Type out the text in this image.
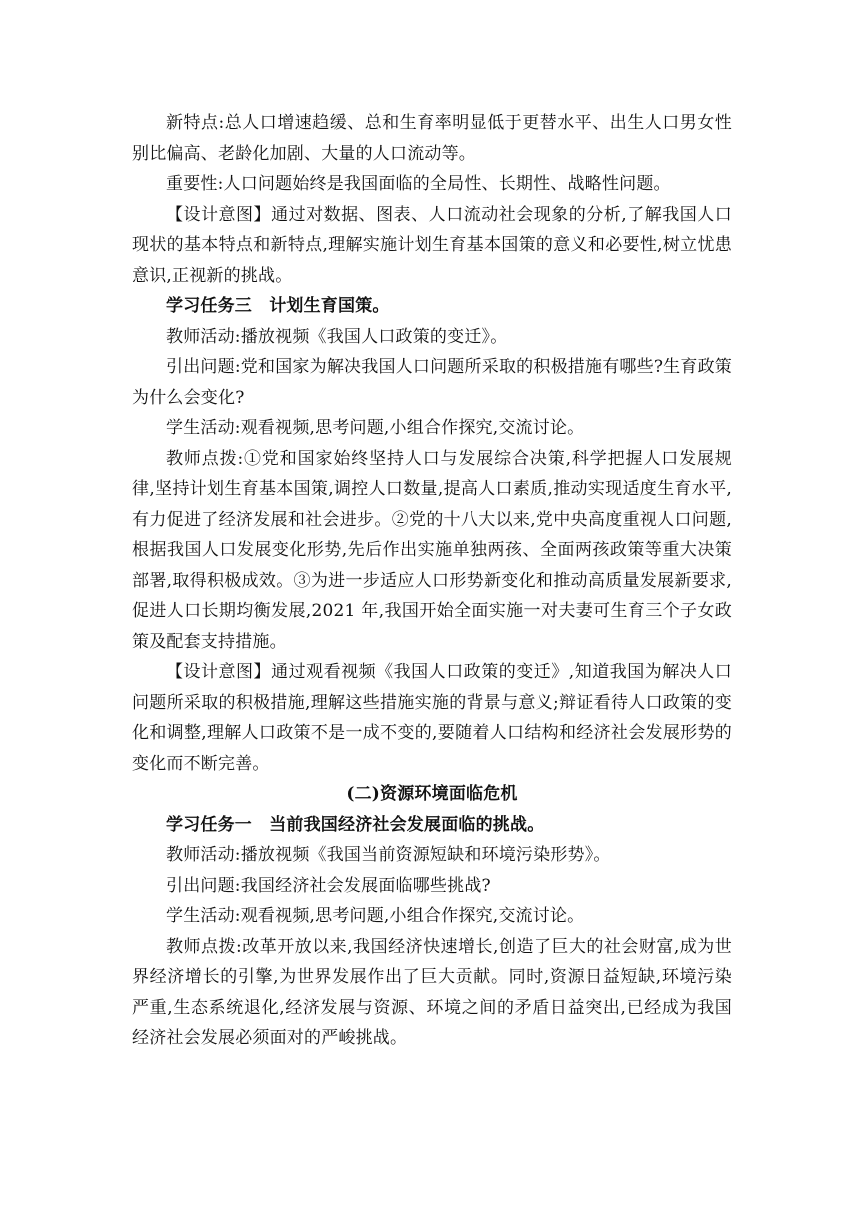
新特点:总人口增速趋缓、总和生育率明显低于更替水平、出生人口男女性别比偏高、老龄化加剧、大量的人口流动等。

重要性:人口问题始终是我国面临的全局性、长期性、战略性问题。

【设计意图】通过对数据、图表、人口流动社会现象的分析,了解我国人口现状的基本特点和新特点,理解实施计划生育基本国策的意义和必要性,树立忧患意识,正视新的挑战。

学习任务三　计划生育国策。

教师活动:播放视频《我国人口政策的变迁》。

引出问题:党和国家为解决我国人口问题所采取的积极措施有哪些?生育政策为什么会变化?

学生活动:观看视频,思考问题,小组合作探究,交流讨论。

教师点拨:①党和国家始终坚持人口与发展综合决策,科学把握人口发展规律,坚持计划生育基本国策,调控人口数量,提高人口素质,推动实现适度生育水平,有力促进了经济发展和社会进步。②党的十八大以来,党中央高度重视人口问题,根据我国人口发展变化形势,先后作出实施单独两孩、全面两孩政策等重大决策部署,取得积极成效。③为进一步适应人口形势新变化和推动高质量发展新要求,促进人口长期均衡发展,2021 年,我国开始全面实施一对夫妻可生育三个子女政策及配套支持措施。

【设计意图】通过观看视频《我国人口政策的变迁》,知道我国为解决人口问题所采取的积极措施,理解这些措施实施的背景与意义;辩证看待人口政策的变化和调整,理解人口政策不是一成不变的,要随着人口结构和经济社会发展形势的变化而不断完善。

(二)资源环境面临危机

学习任务一　当前我国经济社会发展面临的挑战。

教师活动:播放视频《我国当前资源短缺和环境污染形势》。

引出问题:我国经济社会发展面临哪些挑战?

学生活动:观看视频,思考问题,小组合作探究,交流讨论。

教师点拨:改革开放以来,我国经济快速增长,创造了巨大的社会财富,成为世界经济增长的引擎,为世界发展作出了巨大贡献。同时,资源日益短缺,环境污染严重,生态系统退化,经济发展与资源、环境之间的矛盾日益突出,已经成为我国经济社会发展必须面对的严峻挑战。
